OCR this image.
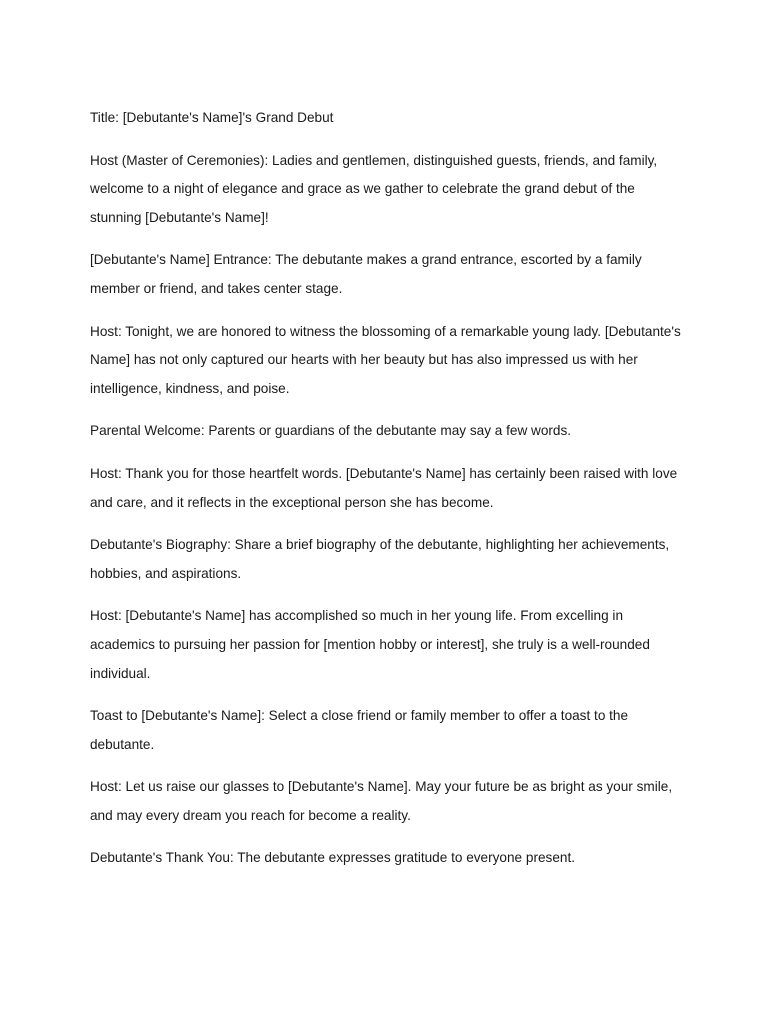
Title: [Debutante's Name]'s Grand Debut

Host (Master of Ceremonies): Ladies and gentlemen, distinguished guests, friends, and family, welcome to a night of elegance and grace as we gather to celebrate the grand debut of the stunning [Debutante's Name]!

[Debutante's Name] Entrance: The debutante makes a grand entrance, escorted by a family member or friend, and takes center stage.

Host: Tonight, we are honored to witness the blossoming of a remarkable young lady. [Debutante's Name] has not only captured our hearts with her beauty but has also impressed us with her intelligence, kindness, and poise.

Parental Welcome: Parents or guardians of the debutante may say a few words.

Host: Thank you for those heartfelt words. [Debutante's Name] has certainly been raised with love and care, and it reflects in the exceptional person she has become.

Debutante's Biography: Share a brief biography of the debutante, highlighting her achievements, hobbies, and aspirations.

Host: [Debutante's Name] has accomplished so much in her young life. From excelling in academics to pursuing her passion for [mention hobby or interest], she truly is a well-rounded individual.

Toast to [Debutante's Name]: Select a close friend or family member to offer a toast to the debutante.

Host: Let us raise our glasses to [Debutante's Name]. May your future be as bright as your smile, and may every dream you reach for become a reality.

Debutante's Thank You: The debutante expresses gratitude to everyone present.
